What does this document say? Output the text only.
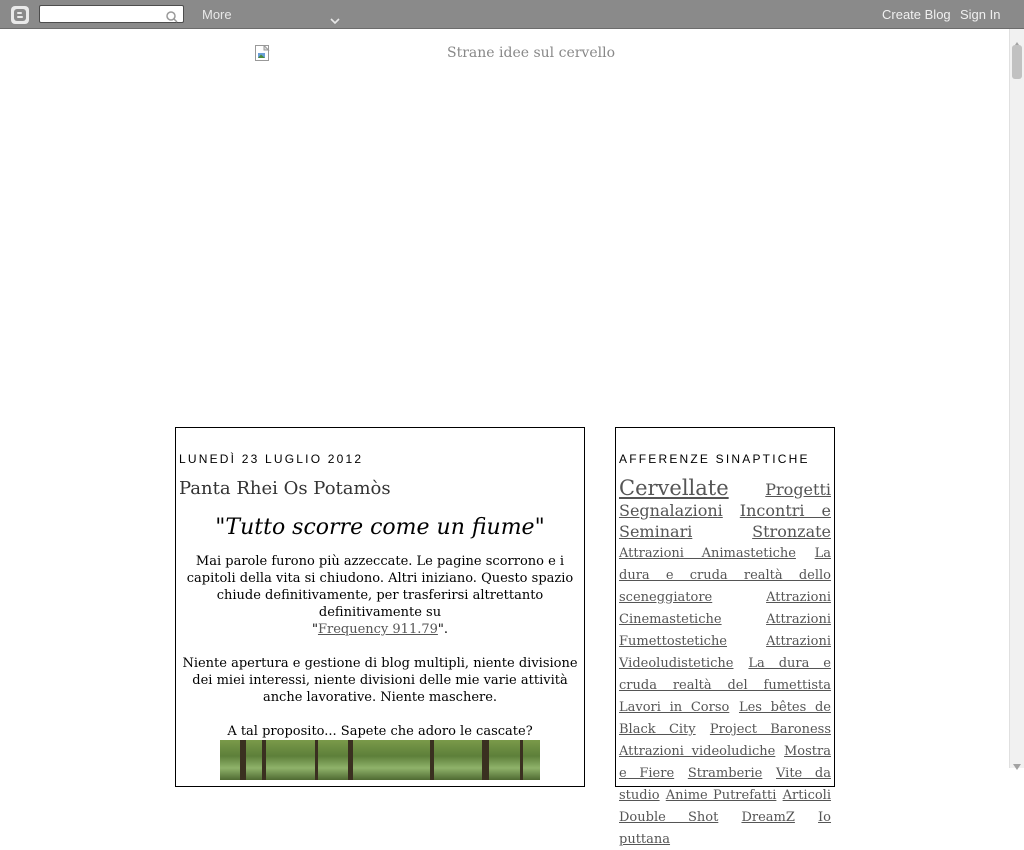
More	Create Blog Sign In
Strane idee sul cervello
LUNEDÌ 23 LUGLIO 2012
Panta Rhei Os Potamòs
"Tutto scorre come un fiume"
Mai parole furono più azzeccate. Le pagine scorrono e i capitoli della vita si chiudono. Altri iniziano. Questo spazio chiude definitivamente, per trasferirsi altrettanto definitivamente su
"Frequency 911.79".
Niente apertura e gestione di blog multipli, niente divisione dei miei interessi, niente divisioni delle mie varie attività anche lavorative. Niente maschere.
A tal proposito... Sapete che adoro le cascate?
AFFERENZE SINAPTICHE
Cervellate Progetti Segnalazioni Incontri e Seminari	Stronzate Attrazioni Animastetiche La dura e cruda realtà dello sceneggiatore	Attrazioni Cinemastetiche	Attrazioni Fumettostetiche	Attrazioni Videoludistetiche La dura e cruda realtà del fumettista Lavori in Corso Les bêtes de Black City Project Baroness Attrazioni videoludiche Mostra e Fiere Stramberie Vite da studio Anime Putrefatti Articoli Double Shot DreamZ Io puttana
